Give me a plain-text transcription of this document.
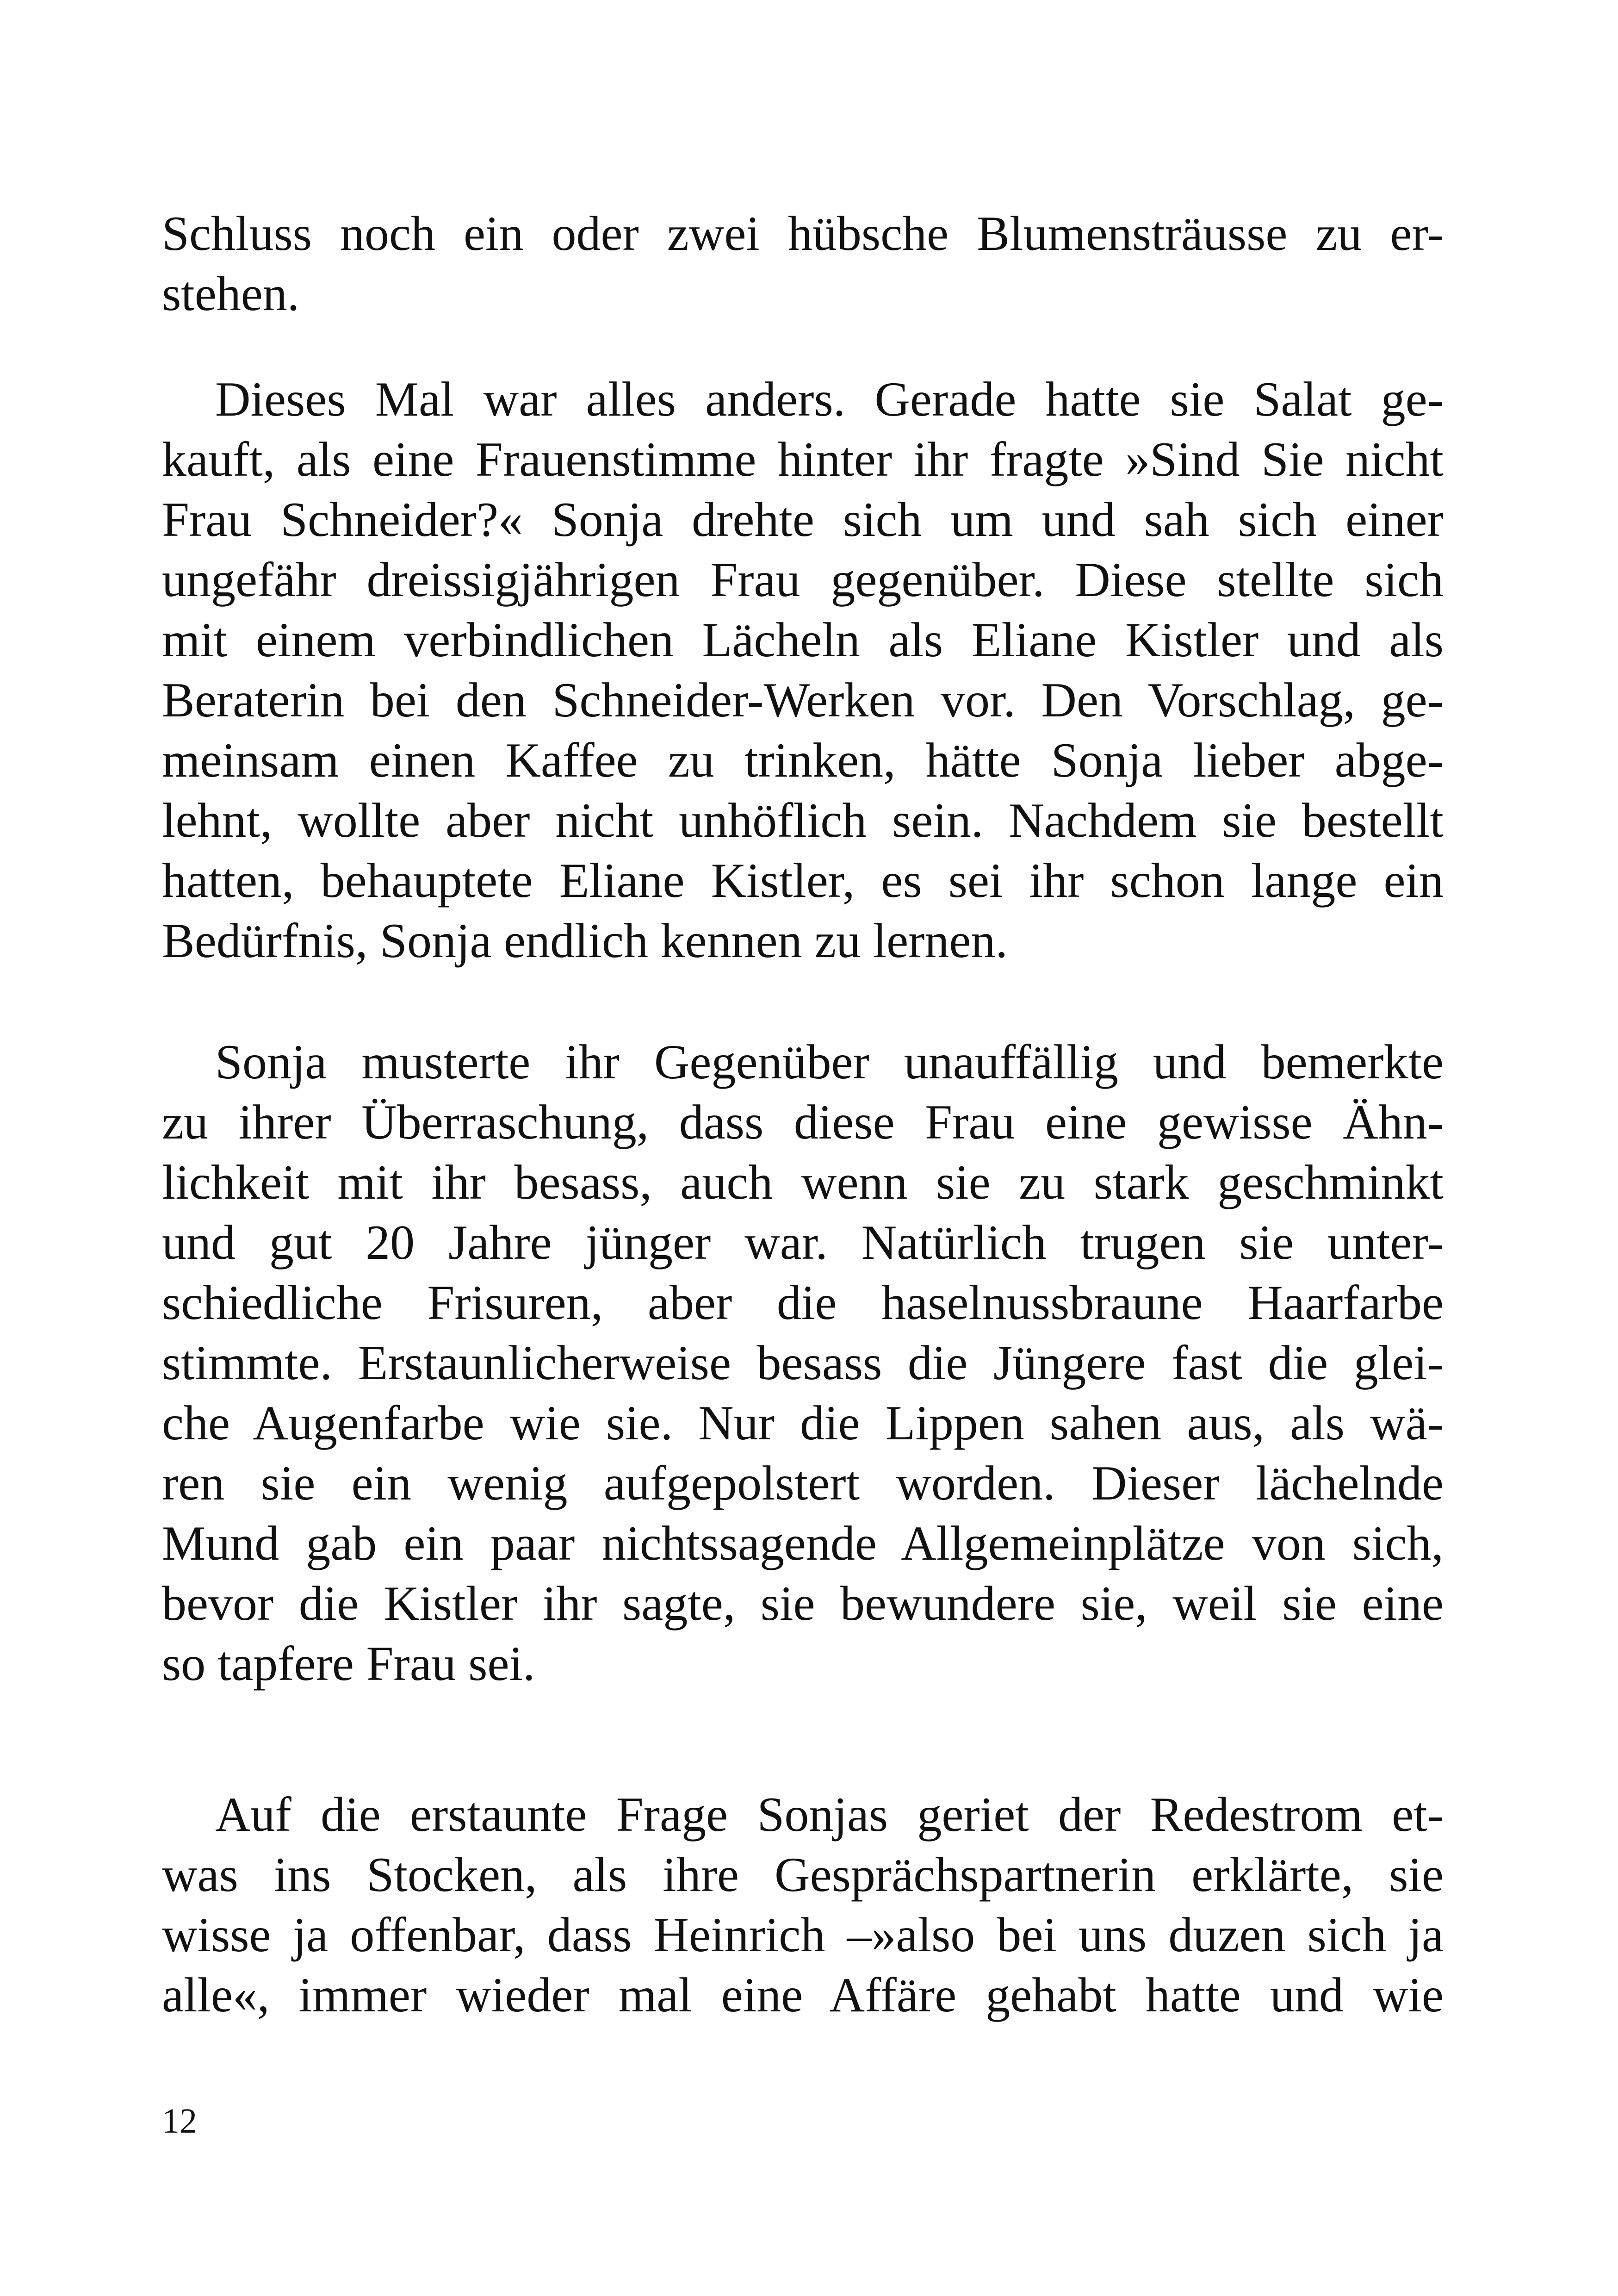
Schluss noch ein oder zwei hübsche Blumensträusse zu er-
stehen.
Dieses Mal war alles anders. Gerade hatte sie Salat ge-
kauft, als eine Frauenstimme hinter ihr fragte »Sind Sie nicht
Frau Schneider?« Sonja drehte sich um und sah sich einer
ungefähr dreissigjährigen Frau gegenüber. Diese stellte sich
mit einem verbindlichen Lächeln als Eliane Kistler und als
Beraterin bei den Schneider-Werken vor. Den Vorschlag, ge-
meinsam einen Kaffee zu trinken, hätte Sonja lieber abge-
lehnt, wollte aber nicht unhöflich sein. Nachdem sie bestellt
hatten, behauptete Eliane Kistler, es sei ihr schon lange ein
Bedürfnis, Sonja endlich kennen zu lernen.
Sonja musterte ihr Gegenüber unauffällig und bemerkte
zu ihrer Überraschung, dass diese Frau eine gewisse Ähn-
lichkeit mit ihr besass, auch wenn sie zu stark geschminkt
und gut 20 Jahre jünger war. Natürlich trugen sie unter-
schiedliche Frisuren, aber die haselnussbraune Haarfarbe
stimmte. Erstaunlicherweise besass die Jüngere fast die glei-
che Augenfarbe wie sie. Nur die Lippen sahen aus, als wä-
ren sie ein wenig aufgepolstert worden. Dieser lächelnde
Mund gab ein paar nichtssagende Allgemeinplätze von sich,
bevor die Kistler ihr sagte, sie bewundere sie, weil sie eine
so tapfere Frau sei.
Auf die erstaunte Frage Sonjas geriet der Redestrom et-
was ins Stocken, als ihre Gesprächspartnerin erklärte, sie
wisse ja offenbar, dass Heinrich –»also bei uns duzen sich ja
alle«, immer wieder mal eine Affäre gehabt hatte und wie
12
